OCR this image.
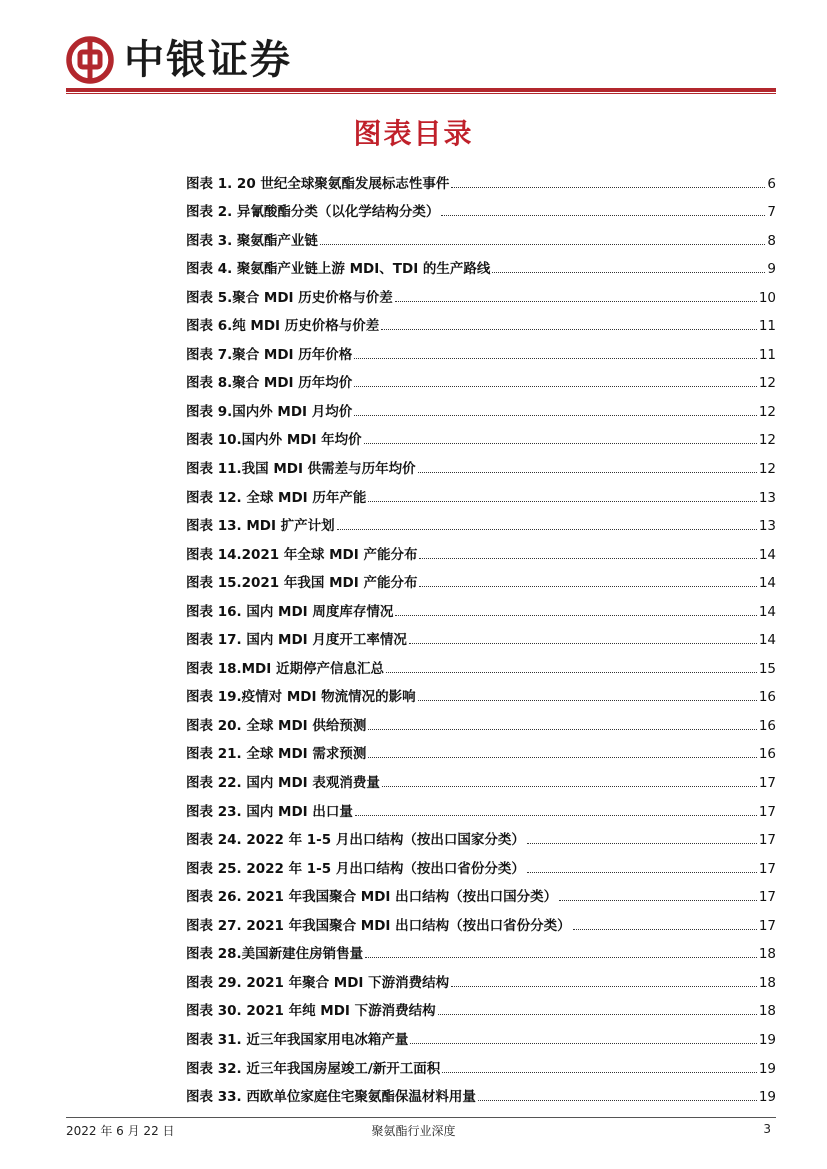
中银证券
图表目录
图表 1. 20 世纪全球聚氨酯发展标志性事件	6
图表 2. 异氰酸酯分类（以化学结构分类）	7
图表 3. 聚氨酯产业链	8
图表 4. 聚氨酯产业链上游 MDI、TDI 的生产路线	9
图表 5.聚合 MDI 历史价格与价差	10
图表 6.纯 MDI 历史价格与价差	11
图表 7.聚合 MDI 历年价格	11
图表 8.聚合 MDI 历年均价	12
图表 9.国内外 MDI 月均价	12
图表 10.国内外 MDI 年均价	12
图表 11.我国 MDI 供需差与历年均价	12
图表 12. 全球 MDI 历年产能	13
图表 13. MDI 扩产计划	13
图表 14.2021 年全球 MDI 产能分布	14
图表 15.2021 年我国 MDI 产能分布	14
图表 16. 国内 MDI 周度库存情况	14
图表 17. 国内 MDI 月度开工率情况	14
图表 18.MDI 近期停产信息汇总	15
图表 19.疫情对 MDI 物流情况的影响	16
图表 20. 全球 MDI 供给预测	16
图表 21. 全球 MDI 需求预测	16
图表 22. 国内 MDI 表观消费量	17
图表 23. 国内 MDI 出口量	17
图表 24. 2022 年 1-5 月出口结构（按出口国家分类）	17
图表 25. 2022 年 1-5 月出口结构（按出口省份分类）	17
图表 26. 2021 年我国聚合 MDI 出口结构（按出口国分类）	17
图表 27. 2021 年我国聚合 MDI 出口结构（按出口省份分类）	17
图表 28.美国新建住房销售量	18
图表 29. 2021 年聚合 MDI 下游消费结构	18
图表 30. 2021 年纯 MDI 下游消费结构	18
图表 31. 近三年我国家用电冰箱产量	19
图表 32. 近三年我国房屋竣工/新开工面积	19
图表 33. 西欧单位家庭住宅聚氨酯保温材料用量	19
2022 年 6 月 22 日	聚氨酯行业深度	3
